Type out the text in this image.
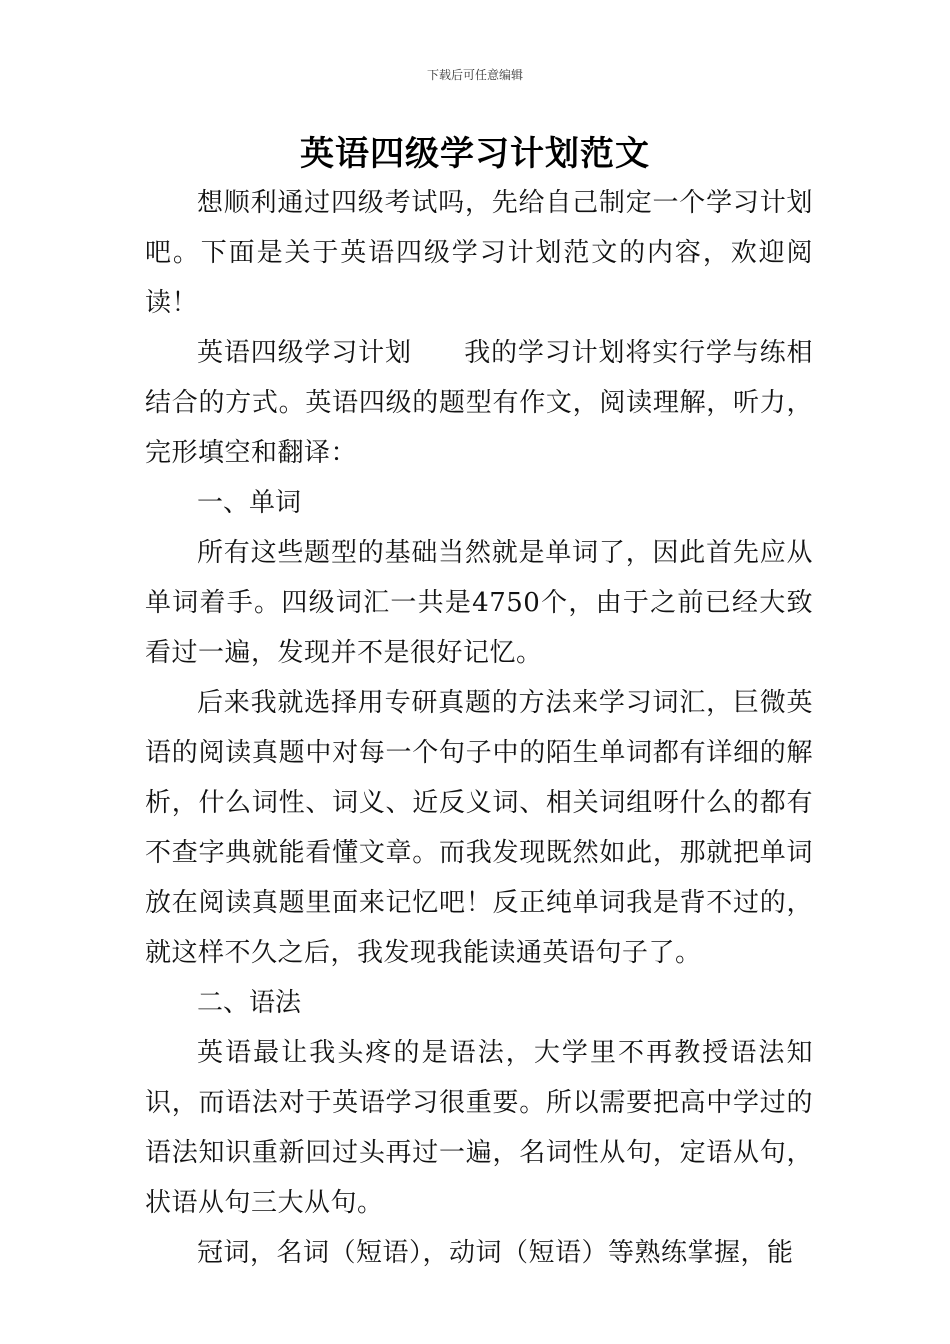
下载后可任意编辑
英语四级学习计划范文

想顺利通过四级考试吗，先给自己制定一个学习计划吧。下面是关于英语四级学习计划范文的内容，欢迎阅读！

英语四级学习计划 我的学习计划将实行学与练相结合的方式。英语四级的题型有作文，阅读理解，听力，完形填空和翻译：

一、单词

所有这些题型的基础当然就是单词了，因此首先应从单词着手。四级词汇一共是4750个，由于之前已经大致看过一遍，发现并不是很好记忆。

后来我就选择用专研真题的方法来学习词汇，巨微英语的阅读真题中对每一个句子中的陌生单词都有详细的解析，什么词性、词义、近反义词、相关词组呀什么的都有不查字典就能看懂文章。而我发现既然如此，那就把单词放在阅读真题里面来记忆吧！反正纯单词我是背不过的，就这样不久之后，我发现我能读通英语句子了。

二、语法

英语最让我头疼的是语法，大学里不再教授语法知识，而语法对于英语学习很重要。所以需要把高中学过的语法知识重新回过头再过一遍，名词性从句，定语从句，状语从句三大从句。

冠词，名词（短语），动词（短语）等熟练掌握，能
